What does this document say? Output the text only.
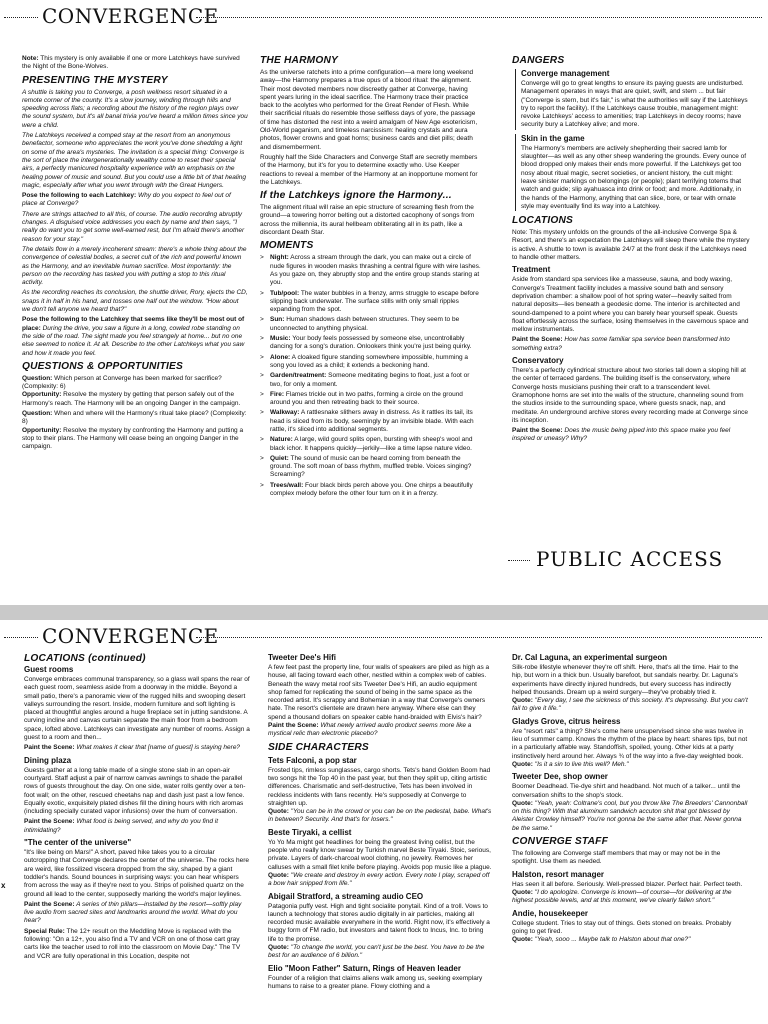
CONVERGENCE

Note: This mystery is only available if one or more Latchkeys have survived the Night of the Bone-Wolves.

PRESENTING THE MYSTERY

A shuttle is taking you to Converge, a posh wellness resort situated in a remote corner of the county. It's a slow journey, winding through hills and speeding across flats; a recording about the history of the region plays over the sound system, but it's all banal trivia you've heard a million times since you were a child.

The Latchkeys received a comped stay at the resort from an anonymous benefactor, someone who appreciates the work you've done shedding a light on some of the area's mysteries. The invitation is a special thing: Converge is the sort of place the intergenerationally wealthy come to reset their special airs, a perfectly manicured hospitality experience with an emphasis on the healing power of music and sound. But you could use a little bit of that healing magic, especially after what you went through with the Great Hungers.

Pose the following to each Latchkey: Why do you expect to feel out of place at Converge?

There are strings attached to all this, of course. The audio recording abruptly changes. A disguised voice addresses you each by name and then says, "I really do want you to get some well-earned rest, but I'm afraid there's another reason for your stay."

The details flow in a merely incoherent stream: there's a whole thing about the convergence of celestial bodies, a secret cult of the rich and powerful known as the Harmony, and an inevitable human sacrifice. Most importantly: the person on the recording has tasked you with putting a stop to this ritual activity.

As the recording reaches its conclusion, the shuttle driver, Rory, ejects the CD, snaps it in half in his hand, and tosses one half out the window. "How about we don't tell anyone we heard that?"

Pose the following to the Latchkey that seems like they'll be most out of place: During the drive, you saw a figure in a long, cowled robe standing on the side of the road. The sight made you feel strangely at home... but no one else seemed to notice it. At all. Describe to the other Latchkeys what you saw and how it made you feel.

QUESTIONS & OPPORTUNITIES

Question: Which person at Converge has been marked for sacrifice? (Complexity: 6)

Opportunity: Resolve the mystery by getting that person safely out of the Harmony's reach. The Harmony will be an ongoing Danger in the campaign.

Question: When and where will the Harmony's ritual take place? (Complexity: 8)

Opportunity: Resolve the mystery by confronting the Harmony and putting a stop to their plans. The Harmony will cease being an ongoing Danger in the campaign.

THE HARMONY

As the universe ratchets into a prime configuration—a mere long weekend away—the Harmony prepares a true opus of a blood ritual: the alignment. Their most devoted members now discreetly gather at Converge, having spent years luring in the ideal sacrifice. The Harmony trace their practice back to the acolytes who performed for the Great Render of Flesh. While their sacrificial rituals do resemble those selfless days of yore, the passage of time has distorted the rest into a weird amalgam of New Age esotericism, Old-World paganism, and timeless narcissism: healing crystals and aura photos, flower crowns and goat horns; business cards and diet pills; death and dismemberment.

Roughly half the Side Characters and Converge Staff are secretly members of the Harmony, but it's for you to determine exactly who. Use Keeper reactions to reveal a member of the Harmony at an inopportune moment for the Latchkeys.

If the Latchkeys ignore the Harmony...

The alignment ritual will raise an epic structure of screaming flesh from the ground—a towering horror belting out a distorted cacophony of songs from across the millennia, its aural hellbeam obliterating all in its path, like a discordant Death Star.

MOMENTS

> Night: Across a stream through the dark, you can make out a circle of nude figures in wooden masks thrashing a central figure with wire lashes. As you gaze on, they abruptly stop and the entire group stands staring at you.

> Tub/pool: The water bubbles in a frenzy, arms struggle to escape before slipping back underwater. The surface stills with only small ripples expanding from the spot.

> Sun: Human shadows dash between structures. They seem to be unconnected to anything physical.

> Music: Your body feels possessed by someone else, uncontrollably dancing for a song's duration. Onlookers think you're just being quirky.

> Alone: A cloaked figure standing somewhere impossible, humming a song you loved as a child; it extends a beckoning hand.

> Garden/treatment: Someone meditating begins to float, just a foot or two, for only a moment.

> Fire: Flames trickle out in two paths, forming a circle on the ground around you and then retreating back to their source.

> Walkway: A rattlesnake slithers away in distress. As it rattles its tail, its head is sliced from its body, seemingly by an invisible blade. With each rattle, it's sliced into additional segments.

> Nature: A large, wild gourd splits open, bursting with sheep's wool and black ichor. It happens quickly—jerkily—like a time lapse nature video.

> Quiet: The sound of music can be heard coming from beneath the ground. The soft moan of bass rhythm, muffled treble. Voices singing? Screaming?

> Trees/wall: Four black birds perch above you. One chirps a beautifully complex melody before the other four turn on it in a frenzy.

DANGERS
Converge management

Converge will go to great lengths to ensure its paying guests are undisturbed. Management operates in ways that are quiet, swift, and stern ... but fair ("Converge is stern, but it's fair," is what the authorities will say if the Latchkeys try to report the facility). If the Latchkeys cause trouble, management might: revoke Latchkeys' access to amenities; trap Latchkeys in decoy rooms; have security bury a Latchkey alive; and more.

Skin in the game

The Harmony's members are actively shepherding their sacred lamb for slaughter—as well as any other sheep wandering the grounds. Every ounce of blood dropped only makes their ends more powerful. If the Latchkeys get too nosy about ritual magic, secret societies, or ancient history, the cult might: leave sinister markings on belongings (or people); plant terrifying totems that watch and guide; slip ayahuasca into drink or food; and more. Additionally, in the hands of the Harmony, anything that can slice, bore, or tear with ornate style may eventually find its way into a Latchkey.

LOCATIONS

Note: This mystery unfolds on the grounds of the all-inclusive Converge Spa & Resort, and there's an expectation the Latchkeys will sleep there while the mystery is active. A shuttle to town is available 24/7 at the front desk if the Latchkeys need to handle other matters.

Treatment

Aside from standard spa services like a masseuse, sauna, and body waxing, Converge's Treatment facility includes a massive sound bath and sensory deprivation chamber: a shallow pool of hot spring water—heavily salted from natural deposits—lies beneath a geodesic dome. The interior is architected and sound-dampened to a point where you can barely hear yourself speak. Guests float effortlessly across the surface, losing themselves in the cavernous space and mellow instrumentals.

Paint the Scene: How has some familiar spa service been transformed into something extra?

Conservatory

There's a perfectly cylindrical structure about two stories tall down a sloping hill at the center of terraced gardens. The building itself is the conservatory, where Converge hosts musicians pushing their craft to a transcendent level. Gramophone horns are set into the walls of the structure, channeling sound from the studios inside to the surrounding space, where guests snack, nap, and meditate. An underground archive stores every recording made at Converge since its inception.

Paint the Scene: Does the music being piped into this space make you feel inspired or uneasy? Why?

PUBLIC ACCESS
CONVERGENCE
x
LOCATIONS (continued)
Guest rooms

Converge embraces communal transparency, so a glass wall spans the rear of each guest room, seamless aside from a doorway in the middle. Beyond a small patio, there's a panoramic view of the rugged hills and swooping desert valleys surrounding the resort. Inside, modern furniture and soft lighting is placed at thoughtful angles around a huge fireplace set in jutting sandstone. A curving incline and canvas curtain separate the main floor from a bedroom space, lofted above. Latchkeys can investigate any number of rooms. Assign a guest to a room and then...

Paint the Scene: What makes it clear that [name of guest] is staying here?

Dining plaza

Guests gather at a long table made of a single stone slab in an open-air courtyard. Staff adjust a pair of narrow canvas awnings to shade the parallel rows of guests throughout the day. On one side, water rolls gently over a ten-foot wall; on the other, rescued cheetahs nap and dash just past a low fence. Equally exotic, exquisitely plated dishes fill the dining hours with rich aromas (including specially curated vapor infusions) over the hum of conversation.

Paint the Scene: What food is being served, and why do you find it intimidating?

"The center of the universe"

"It's like being on Mars!" A short, paved hike takes you to a circular outcropping that Converge declares the center of the universe. The rocks here are weird, like fossilized viscera dropped from the sky, shaped by a giant toddler's hands. Sound bounces in surprising ways: you can hear whispers from across the way as if they're next to you. Strips of polished quartz on the ground all lead to the center, supposedly marking the world's major leylines.

Paint the Scene: A series of thin pillars—installed by the resort—softly play live audio from sacred sites and landmarks around the world. What do you hear?

Special Rule: The 12+ result on the Meddling Move is replaced with the following: "On a 12+, you also find a TV and VCR on one of those cart gray carts like the teacher used to roll into the classroom on Movie Day." The TV and VCR are fully operational in this Location, despite not

Tweeter Dee's Hifi

A few feet past the property line, four walls of speakers are piled as high as a house, all facing toward each other, nestled within a complex web of cables. Beneath the wavy metal roof sits Tweeter Dee's Hifi, an audio equipment shop famed for replicating the sound of being in the same space as the recorded artist. It's scrappy and Bohemian in a way that Converge's owners hate. The resort's clientele are drawn here anyway. Where else can they spend a thousand dollars on speaker cable hand-braided with Elvis's hair? Paint the Scene: What newly arrived audio product seems more like a mystical relic than electronic placebo?

SIDE CHARACTERS
Tets Falconi, a pop star

Frosted tips, rimless sunglasses, cargo shorts. Tets's band Golden Boom had two songs hit the Top 40 in the past year, but then they split up, citing artistic differences. Charismatic and self-destructive, Tets has been involved in reckless incidents with fans recently. He's supposedly at Converge to straighten up.

Quote: "You can be in the crowd or you can be on the pedestal, babe. What's in between? Security. And that's for losers."

Beste Tiryaki, a cellist

Yo Yo Ma might get headlines for being the greatest living cellist, but the people who really know swear by Turkish marvel Beste Tiryaki. Stoic, serious, private. Layers of dark-charcoal wool clothing, no jewelry. Removes her calluses with a small filet knife before playing. Avoids pop music like a plague.

Quote: "We create and destroy in every action. Every note I play, scraped off a bow hair snipped from life."

Abigail Stratford, a streaming audio CEO

Patagonia puffy vest. High and tight socialite ponytail. Kind of a troll. Vows to launch a technology that stores audio digitally in air particles, making all recorded music available everywhere in the world. Right now, it's effectively a buggy form of FM radio, but investors and talent flock to Incus, Inc. to bring life to the promise.

Quote: "To change the world, you can't just be the best. You have to be the best for an audience of 6 billion."

Elio "Moon Father" Saturn, Rings of Heaven leader

Founder of a religion that claims aliens walk among us, seeking exemplary humans to raise to a greater plane. Flowy clothing and a

Dr. Cal Laguna, an experimental surgeon

Silk-robe lifestyle whenever they're off shift. Here, that's all the time. Hair to the hip, but worn in a thick bun. Usually barefoot, but sandals nearby. Dr. Laguna's experiments have directly injured hundreds, but every success has indirectly helped thousands. Dream up a weird surgery—they've probably tried it.

Quote: "Every day, I see the sickness of this society. It's depressing. But you can't fail to give it life."

Gladys Grove, citrus heiress

Are "resort rats" a thing? She's come here unsupervised since she was twelve in lieu of summer camp. Knows the rhythm of the place by heart: shares tips, but not in a particularly affable way. Standoffish, spoiled, young. Other kids at a party instinctively herd around her. Always ¾ of the way into a five-day weighted book.

Quote: "Is it a sin to live this well? Meh."

Tweeter Dee, shop owner

Boomer Deadhead. Tie-dye shirt and headband. Not much of a talker... until the conversation shifts to the shop's stock.

Quote: "Yeah, yeah: Coltrane's cool, but you throw like The Breeders' Cannonball on this thing? With that aluminum sandwich accuton shit that got blessed by Aleister Crowley himself? You're not gonna be the same after that. Never gonna be the same."

CONVERGE STAFF

The following are Converge staff members that may or may not be in the spotlight. Use them as needed.

Halston, resort manager

Has seen it all before. Seriously. Well-pressed blazer. Perfect hair. Perfect teeth.

Quote: "I do apologize. Converge is known—of course—for delivering at the highest possible levels, and at this moment, we've clearly fallen short."

Andie, housekeeper

College student. Tries to stay out of things. Gets stoned on breaks. Probably going to get fired.

Quote: "Yeah, sooo ... Maybe talk to Halston about that one?"
